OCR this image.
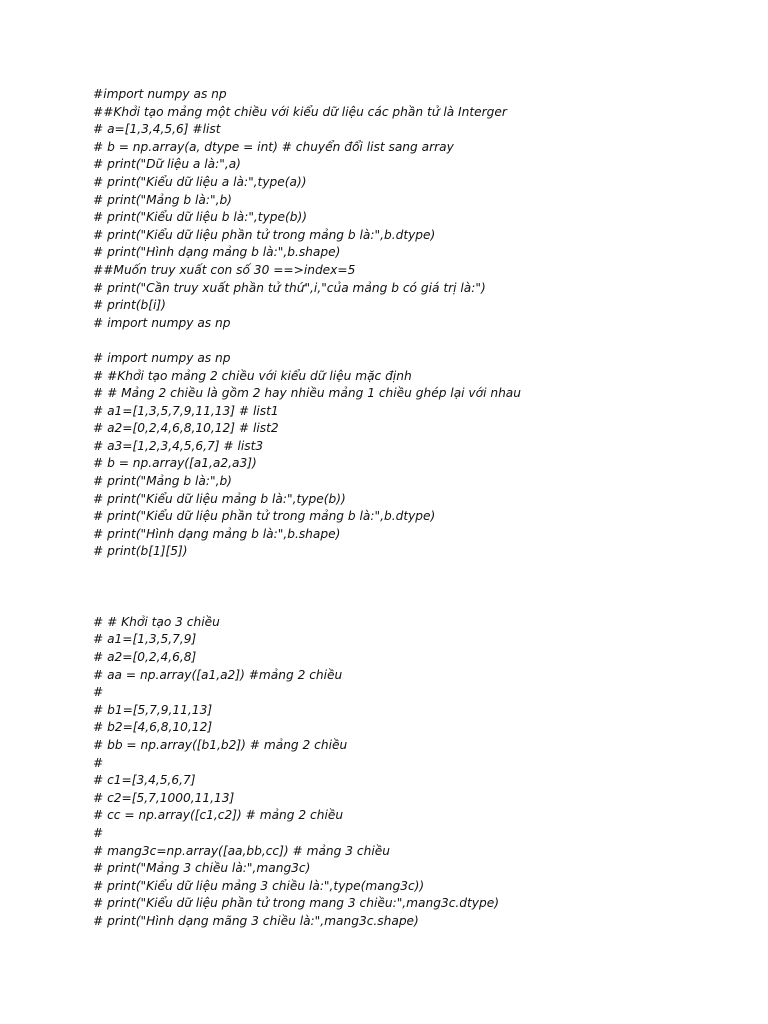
#import numpy as np
##Khởi tạo mảng một chiều với kiểu dữ liệu các phần tử là Interger
# a=[1,3,4,5,6] #list
# b = np.array(a, dtype = int) # chuyển đổi list sang array
# print("Dữ liệu a là:",a)
# print("Kiểu dữ liệu a là:",type(a))
# print("Mảng b là:",b)
# print("Kiểu dữ liệu b là:",type(b))
# print("Kiểu dữ liệu phần tử trong mảng b là:",b.dtype)
# print("Hình dạng mảng b là:",b.shape)
##Muốn truy xuất con số 30 ==>index=5
# print("Cần truy xuất phần tử thứ",i,"của mảng b có giá trị là:")
# print(b[i])
# import numpy as np
# import numpy as np
# #Khởi tạo mảng 2 chiều với kiểu dữ liệu mặc định
# # Mảng 2 chiều là gồm 2 hay nhiều mảng 1 chiều ghép lại với nhau
# a1=[1,3,5,7,9,11,13] # list1
# a2=[0,2,4,6,8,10,12] # list2
# a3=[1,2,3,4,5,6,7] # list3
# b = np.array([a1,a2,a3])
# print("Mảng b là:",b)
# print("Kiểu dữ liệu mảng b là:",type(b))
# print("Kiểu dữ liệu phần tử trong mảng b là:",b.dtype)
# print("Hình dạng mảng b là:",b.shape)
# print(b[1][5])
# # Khởi tạo 3 chiều
# a1=[1,3,5,7,9]
# a2=[0,2,4,6,8]
# aa = np.array([a1,a2]) #mảng 2 chiều
#
# b1=[5,7,9,11,13]
# b2=[4,6,8,10,12]
# bb = np.array([b1,b2]) # mảng 2 chiều
#
# c1=[3,4,5,6,7]
# c2=[5,7,1000,11,13]
# cc = np.array([c1,c2]) # mảng 2 chiều
#
# mang3c=np.array([aa,bb,cc]) # mảng 3 chiều
# print("Mảng 3 chiều là:",mang3c)
# print("Kiểu dữ liệu mảng 3 chiều là:",type(mang3c))
# print("Kiểu dữ liệu phần tử trong mang 3 chiều:",mang3c.dtype)
# print("Hình dạng mãng 3 chiều là:",mang3c.shape)
